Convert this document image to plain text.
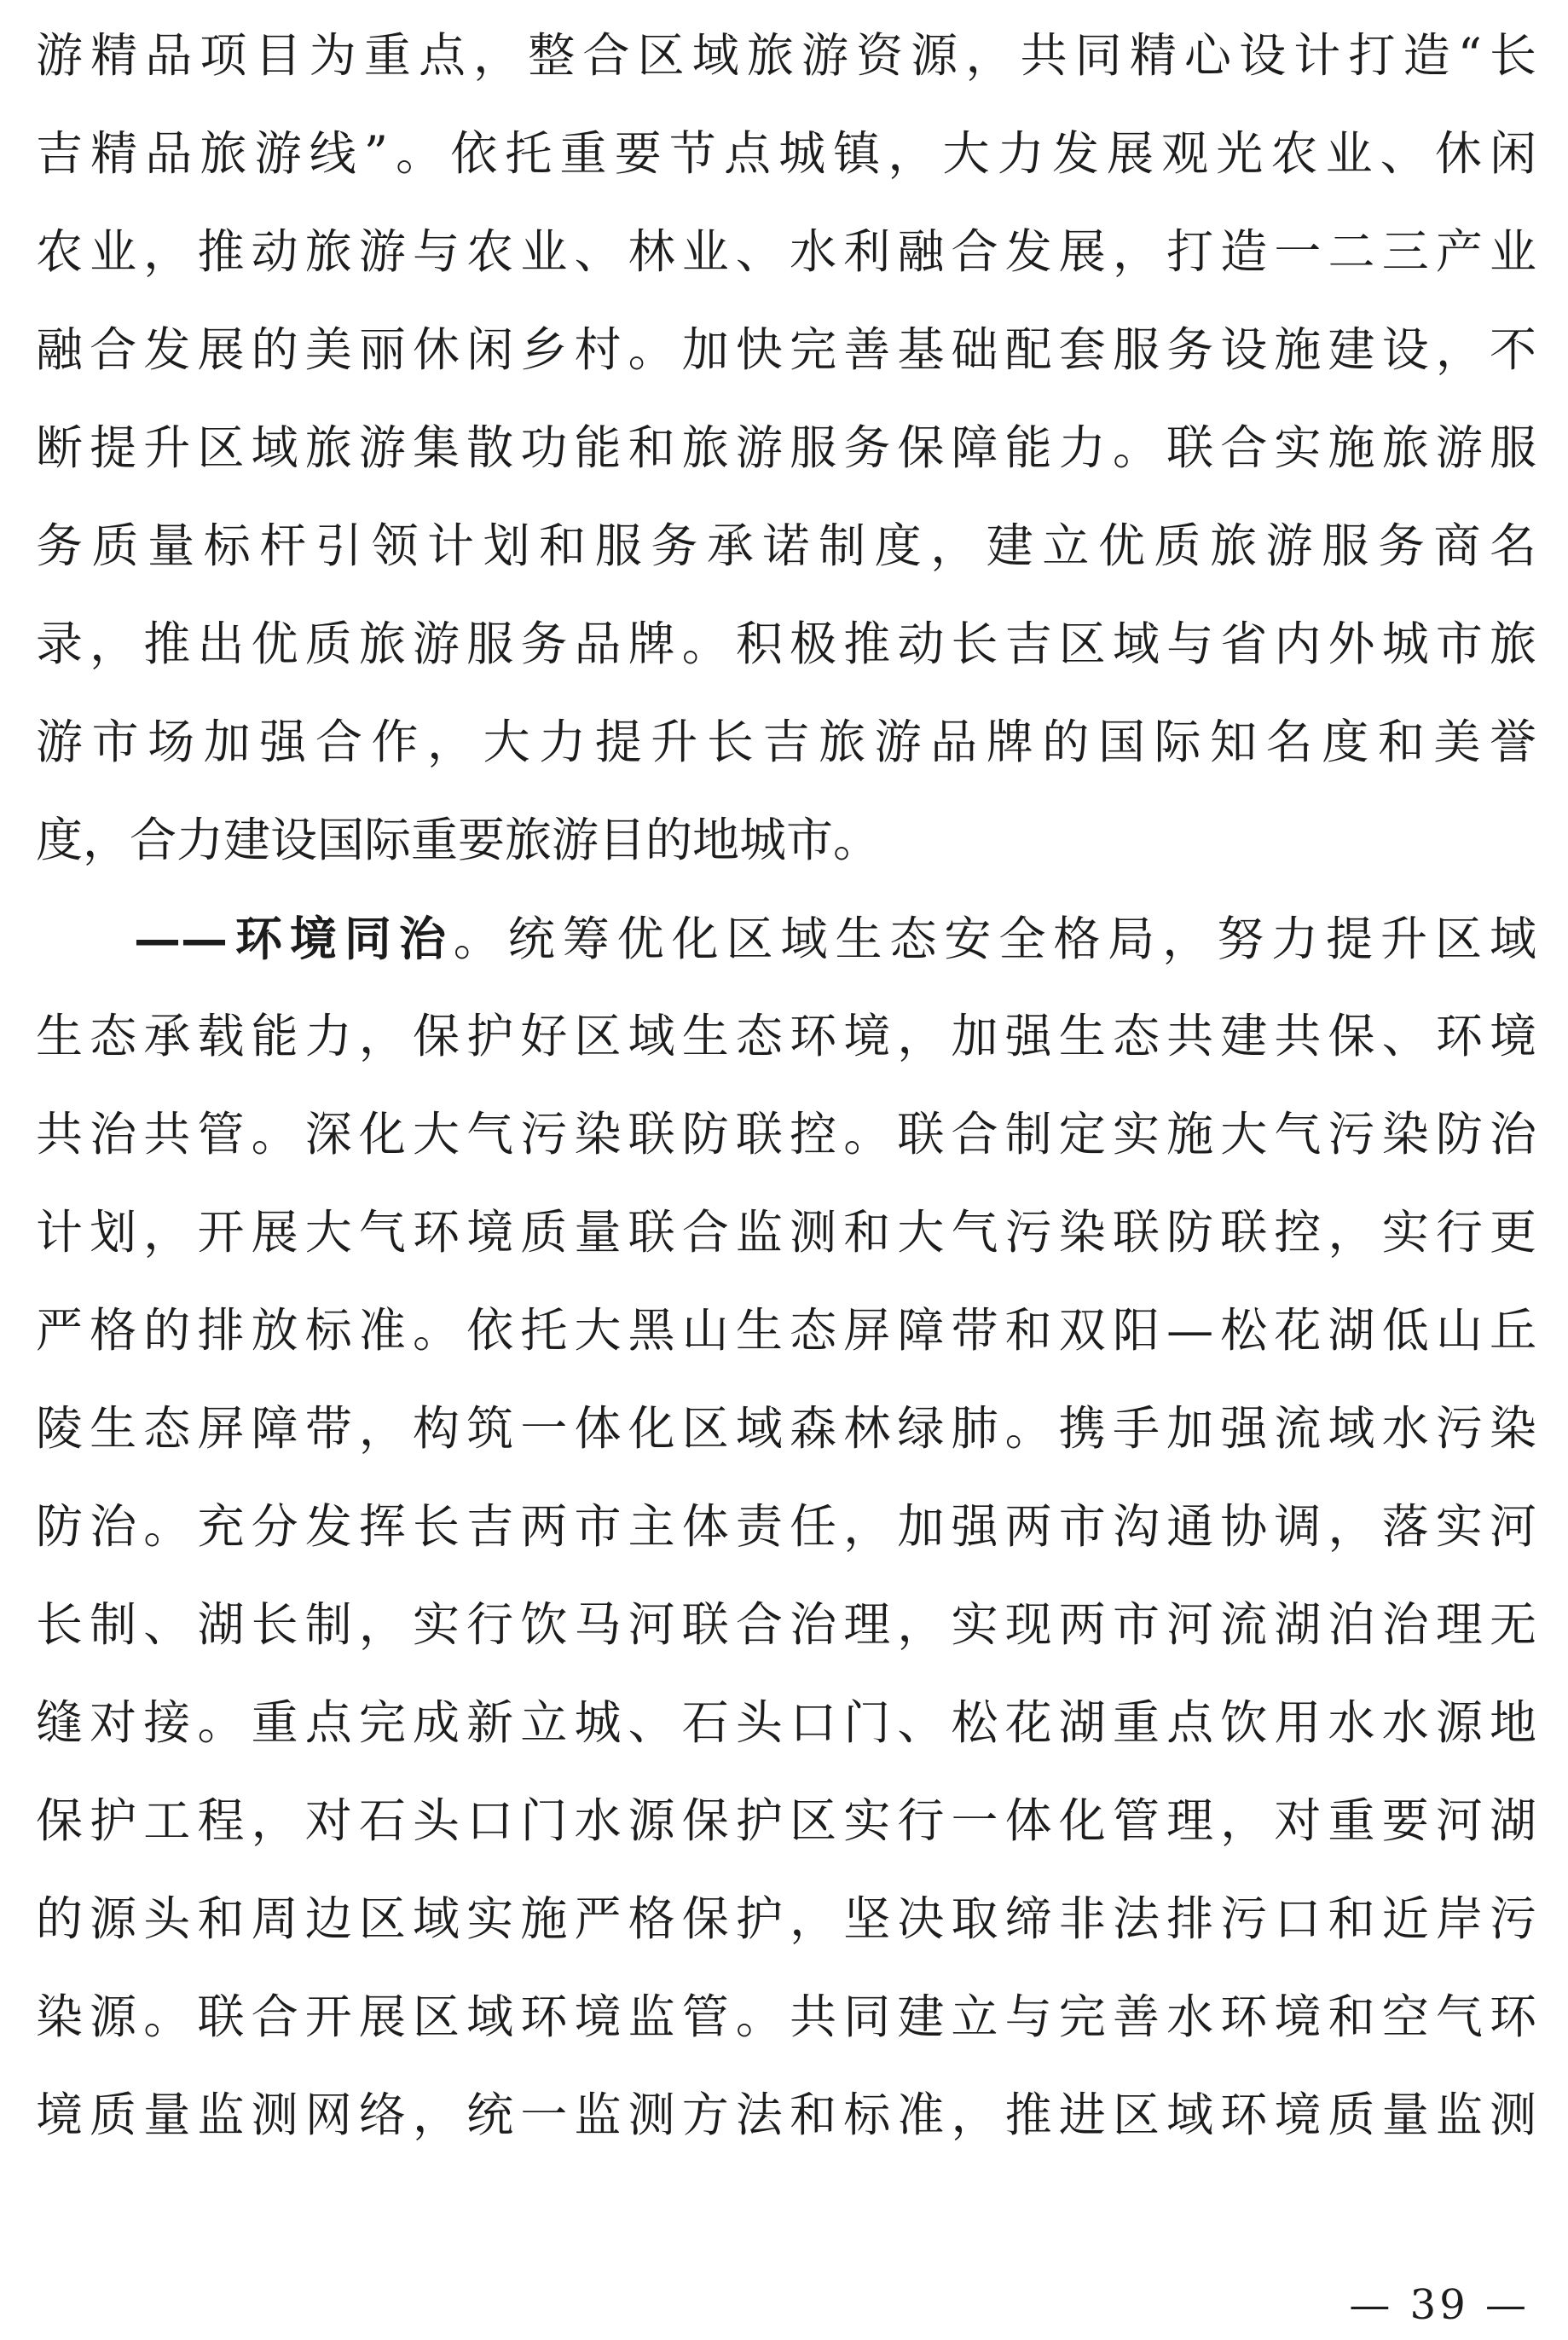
游精品项目为重点，整合区域旅游资源，共同精心设计打造“长
吉精品旅游线”。依托重要节点城镇，大力发展观光农业、休闲
农业，推动旅游与农业、林业、水利融合发展，打造一二三产业
融合发展的美丽休闲乡村。加快完善基础配套服务设施建设，不
断提升区域旅游集散功能和旅游服务保障能力。联合实施旅游服
务质量标杆引领计划和服务承诺制度，建立优质旅游服务商名
录，推出优质旅游服务品牌。积极推动长吉区域与省内外城市旅
游市场加强合作，大力提升长吉旅游品牌的国际知名度和美誉
度，合力建设国际重要旅游目的地城市。
——环境同治。统筹优化区域生态安全格局，努力提升区域
生态承载能力，保护好区域生态环境，加强生态共建共保、环境
共治共管。深化大气污染联防联控。联合制定实施大气污染防治
计划，开展大气环境质量联合监测和大气污染联防联控，实行更
严格的排放标准。依托大黑山生态屏障带和双阳—松花湖低山丘
陵生态屏障带，构筑一体化区域森林绿肺。携手加强流域水污染
防治。充分发挥长吉两市主体责任，加强两市沟通协调，落实河
长制、湖长制，实行饮马河联合治理，实现两市河流湖泊治理无
缝对接。重点完成新立城、石头口门、松花湖重点饮用水水源地
保护工程，对石头口门水源保护区实行一体化管理，对重要河湖
的源头和周边区域实施严格保护，坚决取缔非法排污口和近岸污
染源。联合开展区域环境监管。共同建立与完善水环境和空气环
境质量监测网络，统一监测方法和标准，推进区域环境质量监测
— 39 —
